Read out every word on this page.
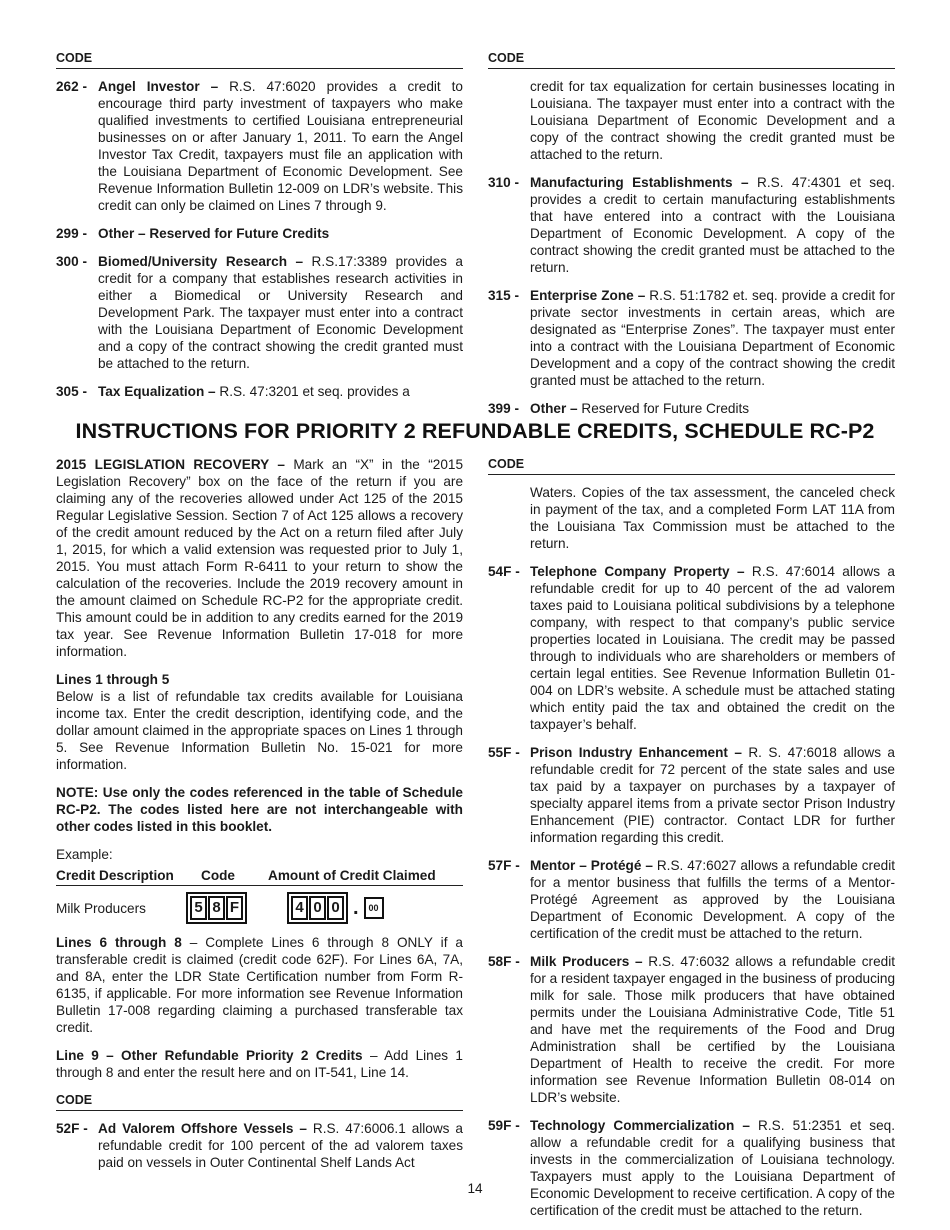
CODE
262 - Angel Investor – R.S. 47:6020 provides a credit to encourage third party investment of taxpayers who make qualified investments to certified Louisiana entrepreneurial businesses on or after January 1, 2011. To earn the Angel Investor Tax Credit, taxpayers must file an application with the Louisiana Department of Economic Development. See Revenue Information Bulletin 12-009 on LDR’s website. This credit can only be claimed on Lines 7 through 9.
299 - Other – Reserved for Future Credits
300 - Biomed/University Research – R.S.17:3389 provides a credit for a company that establishes research activities in either a Biomedical or University Research and Development Park. The taxpayer must enter into a contract with the Louisiana Department of Economic Development and a copy of the contract showing the credit granted must be attached to the return.
305 - Tax Equalization – R.S. 47:3201 et seq. provides a
CODE
credit for tax equalization for certain businesses locating in Louisiana. The taxpayer must enter into a contract with the Louisiana Department of Economic Development and a copy of the contract showing the credit granted must be attached to the return.
310 - Manufacturing Establishments – R.S. 47:4301 et seq. provides a credit to certain manufacturing establishments that have entered into a contract with the Louisiana Department of Economic Development. A copy of the contract showing the credit granted must be attached to the return.
315 - Enterprise Zone – R.S. 51:1782 et. seq. provide a credit for private sector investments in certain areas, which are designated as “Enterprise Zones”. The taxpayer must enter into a contract with the Louisiana Department of Economic Development and a copy of the contract showing the credit granted must be attached to the return.
399 - Other – Reserved for Future Credits
INSTRUCTIONS FOR PRIORITY 2 REFUNDABLE CREDITS, SCHEDULE RC-P2

2015 LEGISLATION RECOVERY – Mark an “X” in the “2015 Legislation Recovery” box on the face of the return if you are claiming any of the recoveries allowed under Act 125 of the 2015 Regular Legislative Session. Section 7 of Act 125 allows a recovery of the credit amount reduced by the Act on a return filed after July 1, 2015, for which a valid extension was requested prior to July 1, 2015. You must attach Form R-6411 to your return to show the calculation of the recoveries. Include the 2019 recovery amount in the amount claimed on Schedule RC-P2 for the appropriate credit. This amount could be in addition to any credits earned for the 2019 tax year. See Revenue Information Bulletin 17-018 for more information.

Lines 1 through 5

Below is a list of refundable tax credits available for Louisiana income tax. Enter the credit description, identifying code, and the dollar amount claimed in the appropriate spaces on Lines 1 through 5. See Revenue Information Bulletin No. 15-021 for more information.

NOTE: Use only the codes referenced in the table of Schedule RC-P2. The codes listed here are not interchangeable with other codes listed in this booklet.

Example:
Credit Description	Code	Amount of Credit Claimed
Milk Producers	5 8 F	4 0 0 .	00

Lines 6 through 8 – Complete Lines 6 through 8 ONLY if a transferable credit is claimed (credit code 62F). For Lines 6A, 7A, and 8A, enter the LDR State Certification number from Form R-6135, if applicable. For more information see Revenue Information Bulletin 17-008 regarding claiming a purchased transferable tax credit.

Line 9 – Other Refundable Priority 2 Credits – Add Lines 1 through 8 and enter the result here and on IT-541, Line 14.

CODE
52F - Ad Valorem Offshore Vessels – R.S. 47:6006.1 allows a refundable credit for 100 percent of the ad valorem taxes paid on vessels in Outer Continental Shelf Lands Act
CODE
Waters. Copies of the tax assessment, the canceled check in payment of the tax, and a completed Form LAT 11A from the Louisiana Tax Commission must be attached to the return.
54F - Telephone Company Property – R.S. 47:6014 allows a refundable credit for up to 40 percent of the ad valorem taxes paid to Louisiana political subdivisions by a telephone company, with respect to that company’s public service properties located in Louisiana. The credit may be passed through to individuals who are shareholders or members of certain legal entities. See Revenue Information Bulletin 01-004 on LDR’s website. A schedule must be attached stating which entity paid the tax and obtained the credit on the taxpayer’s behalf.
55F - Prison Industry Enhancement – R. S. 47:6018 allows a refundable credit for 72 percent of the state sales and use tax paid by a taxpayer on purchases by a taxpayer of specialty apparel items from a private sector Prison Industry Enhancement (PIE) contractor. Contact LDR for further information regarding this credit.
57F - Mentor – Protégé – R.S. 47:6027 allows a refundable credit for a mentor business that fulfills the terms of a Mentor-Protégé Agreement as approved by the Louisiana Department of Economic Development. A copy of the certification of the credit must be attached to the return.
58F - Milk Producers – R.S. 47:6032 allows a refundable credit for a resident taxpayer engaged in the business of producing milk for sale. Those milk producers that have obtained permits under the Louisiana Administrative Code, Title 51 and have met the requirements of the Food and Drug Administration shall be certified by the Louisiana Department of Health to receive the credit. For more information see Revenue Information Bulletin 08-014 on LDR’s website.
59F - Technology Commercialization – R.S. 51:2351 et seq. allow a refundable credit for a qualifying business that invests in the commercialization of Louisiana technology. Taxpayers must apply to the Louisiana Department of Economic Development to receive certification. A copy of the certification of the credit must be attached to the return.
14
